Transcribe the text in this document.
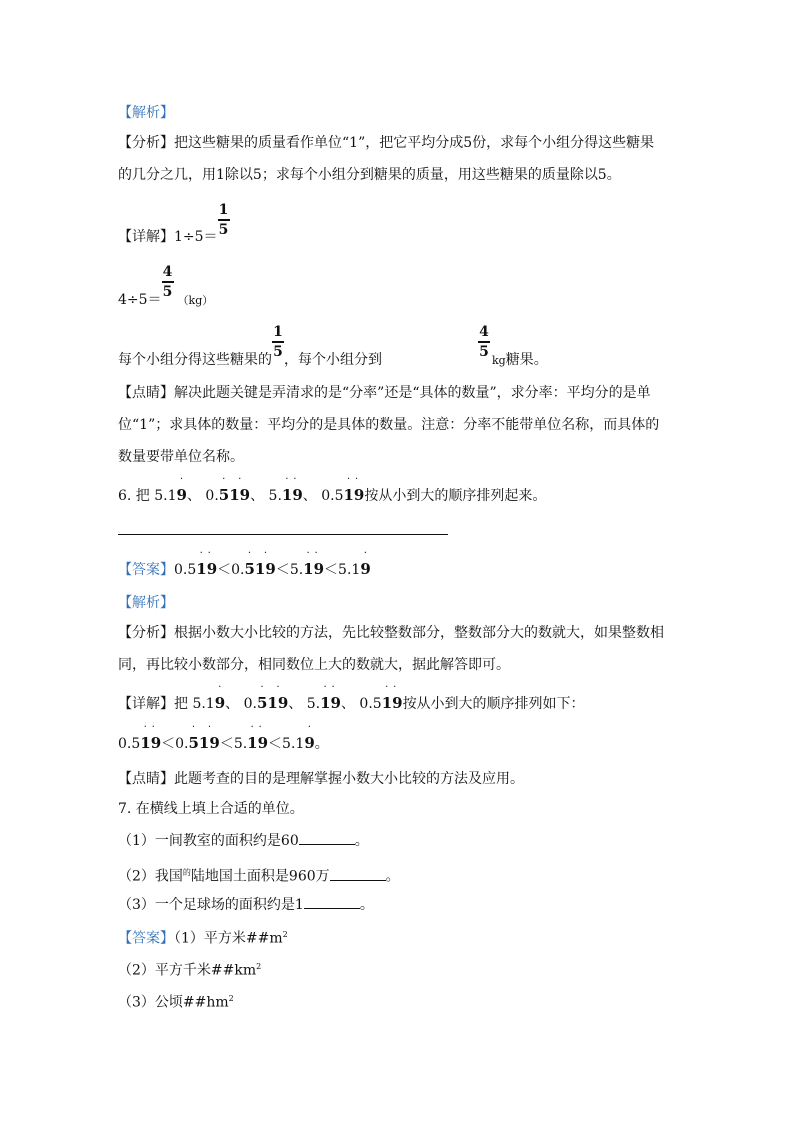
【解析】
【分析】把这些糖果的质量看作单位“1”，把它平均分成5份，求每个小组分得这些糖果
的几分之几，用1除以5；求每个小组分到糖果的质量，用这些糖果的质量除以5。
【详解】$1\div 5= \frac{1}{5}$
$4\div 5= \frac{4}{5}$
（kg）
每个小组分得这些糖果的 $\frac{1}{5}$ ，每个小组分到	$\frac{4}{5}$
kg糖果。
【点睛】解决此题关键是弄清求的是“分率”还是“具体的数量”，求分率：平均分的是单
位“1”；求具体的数量：平均分的是具体的数量。注意：分率不能带单位名称，而具体的
数量要带单位名称。
6. 把 5.1
˙
9、 0.
˙ ˙
519、 5.
˙ ˙
19、 0.5
˙ ˙
19按从小到大的顺序排列起来。
【答案】0.5
˙ ˙
19＜0.
˙ ˙
519＜5.
˙ ˙
19＜5.1
˙
9
【解析】
【分析】根据小数大小比较的方法，先比较整数部分，整数部分大的数就大，如果整数相
同，再比较小数部分，相同数位上大的数就大，据此解答即可。
【详解】把 5.1
˙
9、 0.
˙ ˙
519、 5.
˙ ˙
19、 0.5
˙ ˙
19按从小到大的顺序排列如下：
0.5
˙ ˙
19＜0.
˙ ˙
519＜5.
˙ ˙
19＜5.1
˙
9。
【点睛】此题考查的目的是理解掌握小数大小比较的方法及应用。
7. 在横线上填上合适的单位。
（1）一间教室的面积约是60	。
（2）我国$^的$陆地国土面积是960万	。
（3）一个足球场的面积约是1	。
【答案】（1）平方米$\#\#m^2$
（2）平方千米$\#\#km^2$
（3）公顷$\#\#hm^2$
